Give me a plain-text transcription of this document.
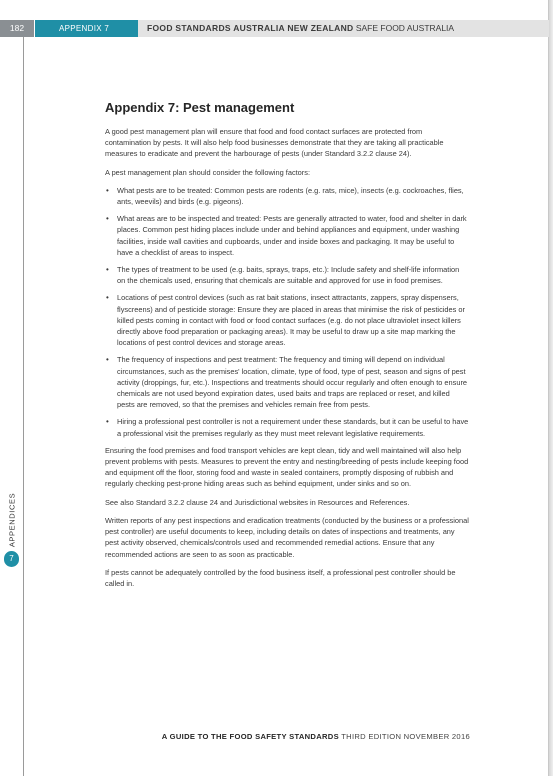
182	APPENDIX 7	FOOD STANDARDS AUSTRALIA NEW ZEALAND SAFE FOOD AUSTRALIA
APPENDICES
7
Appendix 7: Pest management

A good pest management plan will ensure that food and food contact surfaces are protected from contamination by pests. It will also help food businesses demonstrate that they are taking all practicable measures to eradicate and prevent the harbourage of pests (under Standard 3.2.2 clause 24).

A pest management plan should consider the following factors:

• What pests are to be treated: Common pests are rodents (e.g. rats, mice), insects (e.g. cockroaches, flies, ants, weevils) and birds (e.g. pigeons).
• What areas are to be inspected and treated: Pests are generally attracted to water, food and shelter in dark places. Common pest hiding places include under and behind appliances and equipment, under washing facilities, inside wall cavities and cupboards, under and inside boxes and packaging. It may be useful to have a checklist of areas to inspect.
• The types of treatment to be used (e.g. baits, sprays, traps, etc.): Include safety and shelf-life information on the chemicals used, ensuring that chemicals are suitable and approved for use in food premises.
• Locations of pest control devices (such as rat bait stations, insect attractants, zappers, spray dispensers, flyscreens) and of pesticide storage: Ensure they are placed in areas that minimise the risk of pesticides or killed pests coming in contact with food or food contact surfaces (e.g. do not place ultraviolet insect killers directly above food preparation or packaging areas). It may be useful to draw up a site map marking the locations of pest control devices and storage areas.
• The frequency of inspections and pest treatment: The frequency and timing will depend on individual circumstances, such as the premises' location, climate, type of food, type of pest, season and signs of pest activity (droppings, fur, etc.). Inspections and treatments should occur regularly and often enough to ensure chemicals are not used beyond expiration dates, used baits and traps are replaced or reset, and killed pests are removed, so that the premises and vehicles remain free from pests.
• Hiring a professional pest controller is not a requirement under these standards, but it can be useful to have a professional visit the premises regularly as they must meet relevant legislative requirements.

Ensuring the food premises and food transport vehicles are kept clean, tidy and well maintained will also help prevent problems with pests. Measures to prevent the entry and nesting/breeding of pests include keeping food and equipment off the floor, storing food and waste in sealed containers, promptly disposing of rubbish and regularly checking pest-prone hiding areas such as behind equipment, under sinks and so on.

See also Standard 3.2.2 clause 24 and Jurisdictional websites in Resources and References.

Written reports of any pest inspections and eradication treatments (conducted by the business or a professional pest controller) are useful documents to keep, including details on dates of inspections and treatments, any pest activity observed, chemicals/controls used and recommended remedial actions. Ensure that any recommended actions are seen to as soon as practicable.

If pests cannot be adequately controlled by the food business itself, a professional pest controller should be called in.

A GUIDE TO THE FOOD SAFETY STANDARDS THIRD EDITION NOVEMBER 2016
